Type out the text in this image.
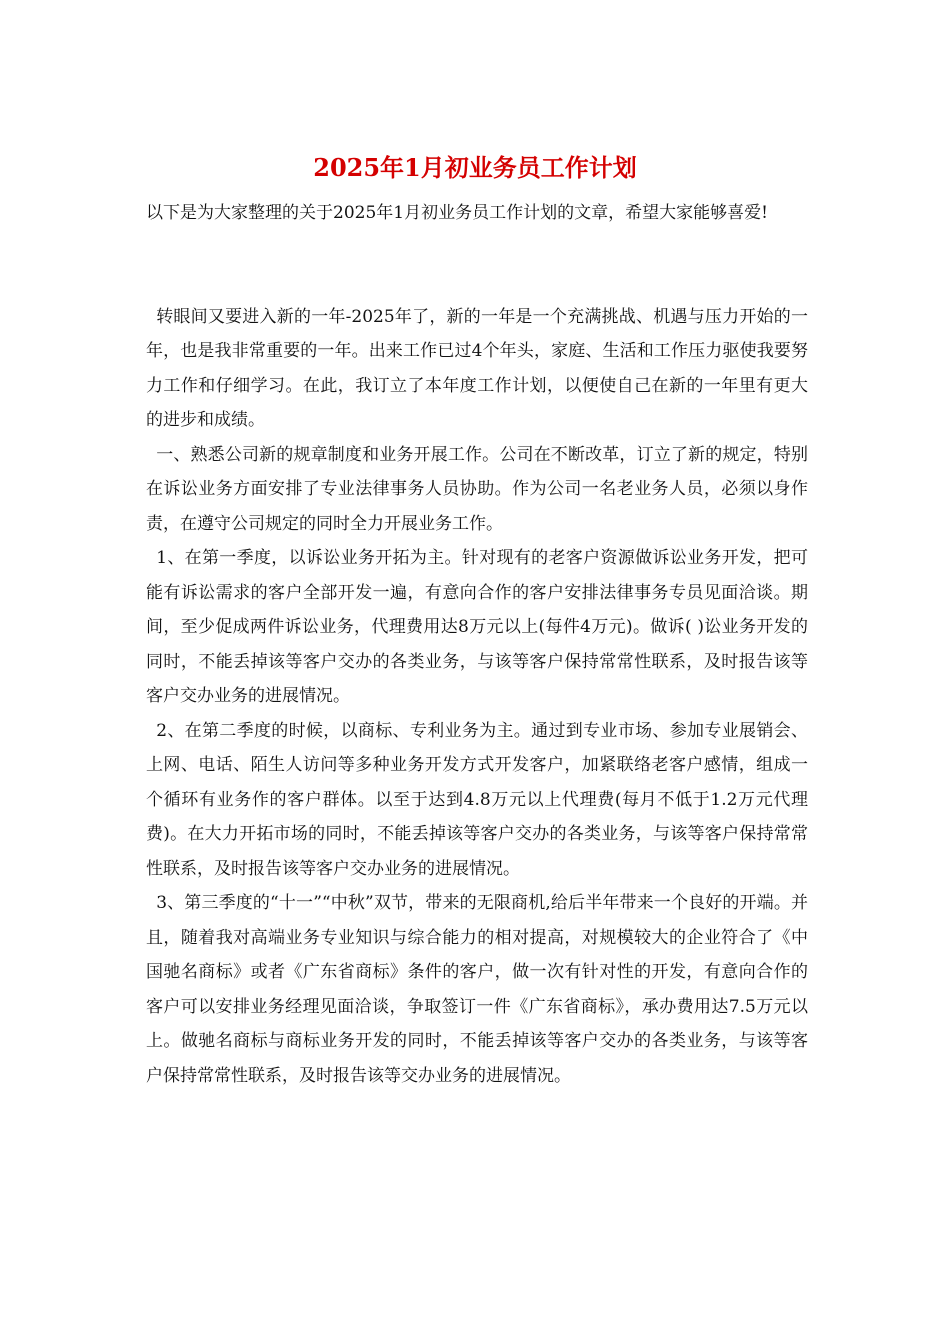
2025年1月初业务员工作计划

以下是为大家整理的关于2025年1月初业务员工作计划的文章，希望大家能够喜爱!

转眼间又要进入新的一年-2025年了，新的一年是一个充满挑战、机遇与压力开始的一年，也是我非常重要的一年。出来工作已过4个年头，家庭、生活和工作压力驱使我要努力工作和仔细学习。在此，我订立了本年度工作计划，以便使自己在新的一年里有更大的进步和成绩。

一、熟悉公司新的规章制度和业务开展工作。公司在不断改革，订立了新的规定，特别在诉讼业务方面安排了专业法律事务人员协助。作为公司一名老业务人员，必须以身作责，在遵守公司规定的同时全力开展业务工作。

1、在第一季度，以诉讼业务开拓为主。针对现有的老客户资源做诉讼业务开发，把可能有诉讼需求的客户全部开发一遍，有意向合作的客户安排法律事务专员见面洽谈。期间，至少促成两件诉讼业务，代理费用达8万元以上(每件4万元)。做诉( )讼业务开发的同时，不能丢掉该等客户交办的各类业务，与该等客户保持常常性联系，及时报告该等客户交办业务的进展情况。

2、在第二季度的时候，以商标、专利业务为主。通过到专业市场、参加专业展销会、上网、电话、陌生人访问等多种业务开发方式开发客户，加紧联络老客户感情，组成一个循环有业务作的客户群体。以至于达到4.8万元以上代理费(每月不低于1.2万元代理费)。在大力开拓市场的同时，不能丢掉该等客户交办的各类业务，与该等客户保持常常性联系，及时报告该等客户交办业务的进展情况。

3、第三季度的“十一”“中秋”双节，带来的无限商机,给后半年带来一个良好的开端。并且，随着我对高端业务专业知识与综合能力的相对提高，对规模较大的企业符合了《中国驰名商标》或者《广东省商标》条件的客户，做一次有针对性的开发，有意向合作的客户可以安排业务经理见面洽谈，争取签订一件《广东省商标》，承办费用达7.5万元以上。做驰名商标与商标业务开发的同时，不能丢掉该等客户交办的各类业务，与该等客户保持常常性联系，及时报告该等交办业务的进展情况。
